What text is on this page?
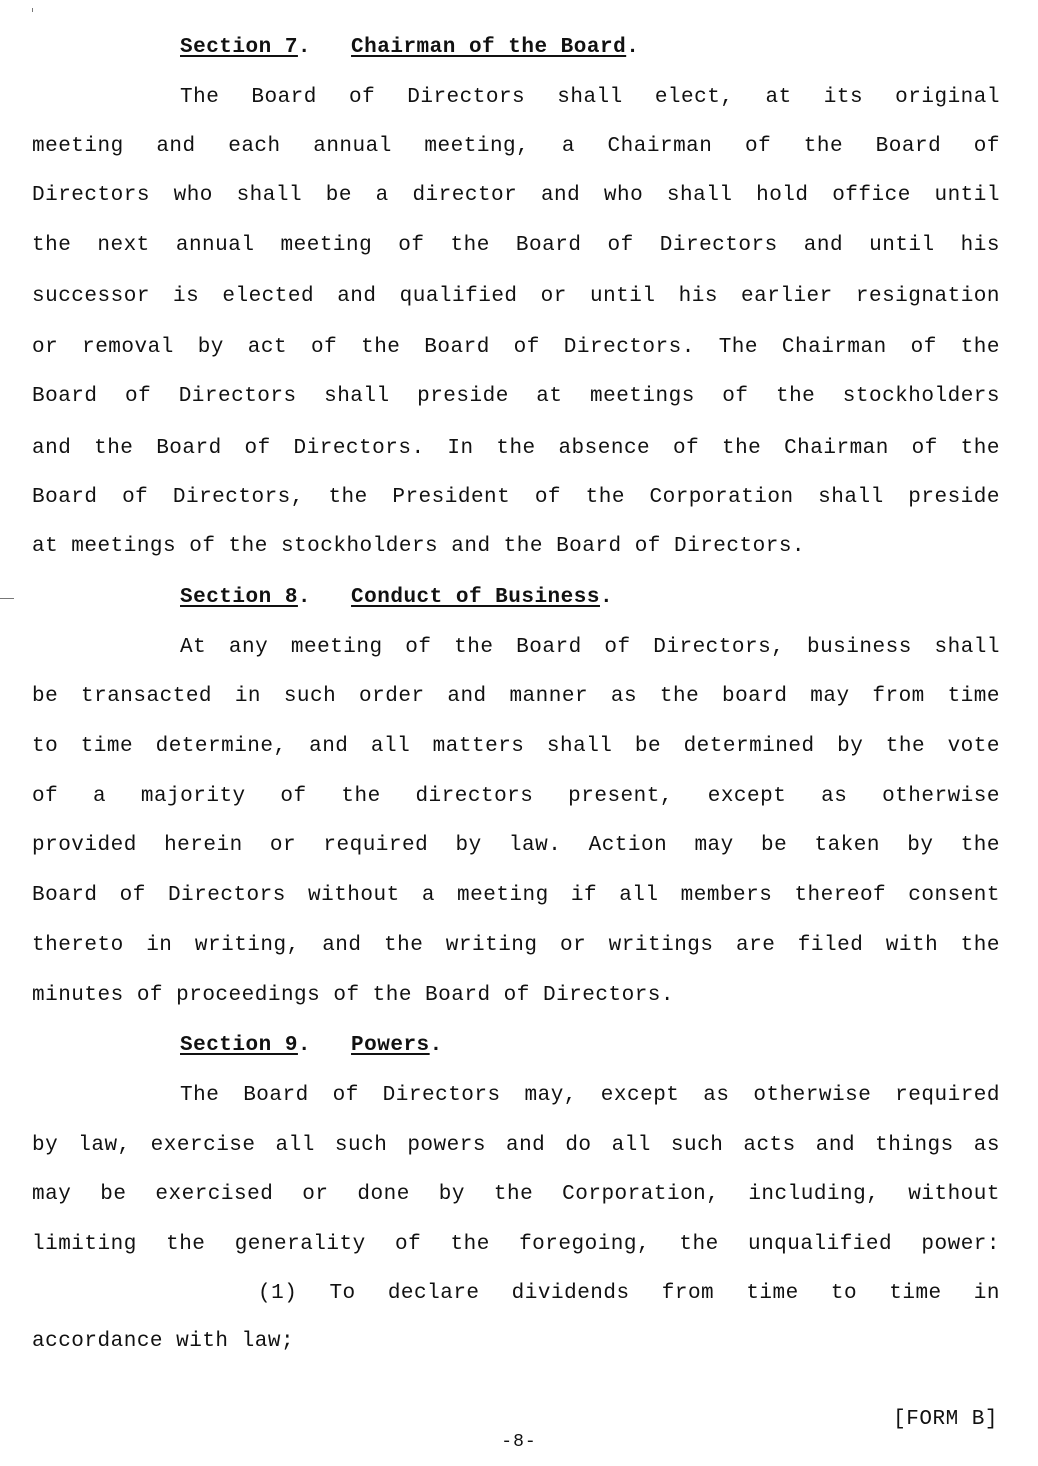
Section 7. Chairman of the Board.
The Board of Directors shall elect, at its original
meeting and each annual meeting, a Chairman of the Board of
Directors who shall be a director and who shall hold office until
the next annual meeting of the Board of Directors and until his
successor is elected and qualified or until his earlier resignation
or removal by act of the Board of Directors. The Chairman of the
Board of Directors shall preside at meetings of the stockholders
and the Board of Directors. In the absence of the Chairman of the
Board of Directors, the President of the Corporation shall preside
at meetings of the stockholders and the Board of Directors.
Section 8. Conduct of Business.
At any meeting of the Board of Directors, business shall
be transacted in such order and manner as the board may from time
to time determine, and all matters shall be determined by the vote
of a majority of the directors present, except as otherwise
provided herein or required by law. Action may be taken by the
Board of Directors without a meeting if all members thereof consent
thereto in writing, and the writing or writings are filed with the
minutes of proceedings of the Board of Directors.
Section 9. Powers.
The Board of Directors may, except as otherwise required
by law, exercise all such powers and do all such acts and things as
may be exercised or done by the Corporation, including, without
limiting the generality of the foregoing, the unqualified power:
(1) To declare dividends from time to time in
accordance with law;
[FORM B]
-8-
